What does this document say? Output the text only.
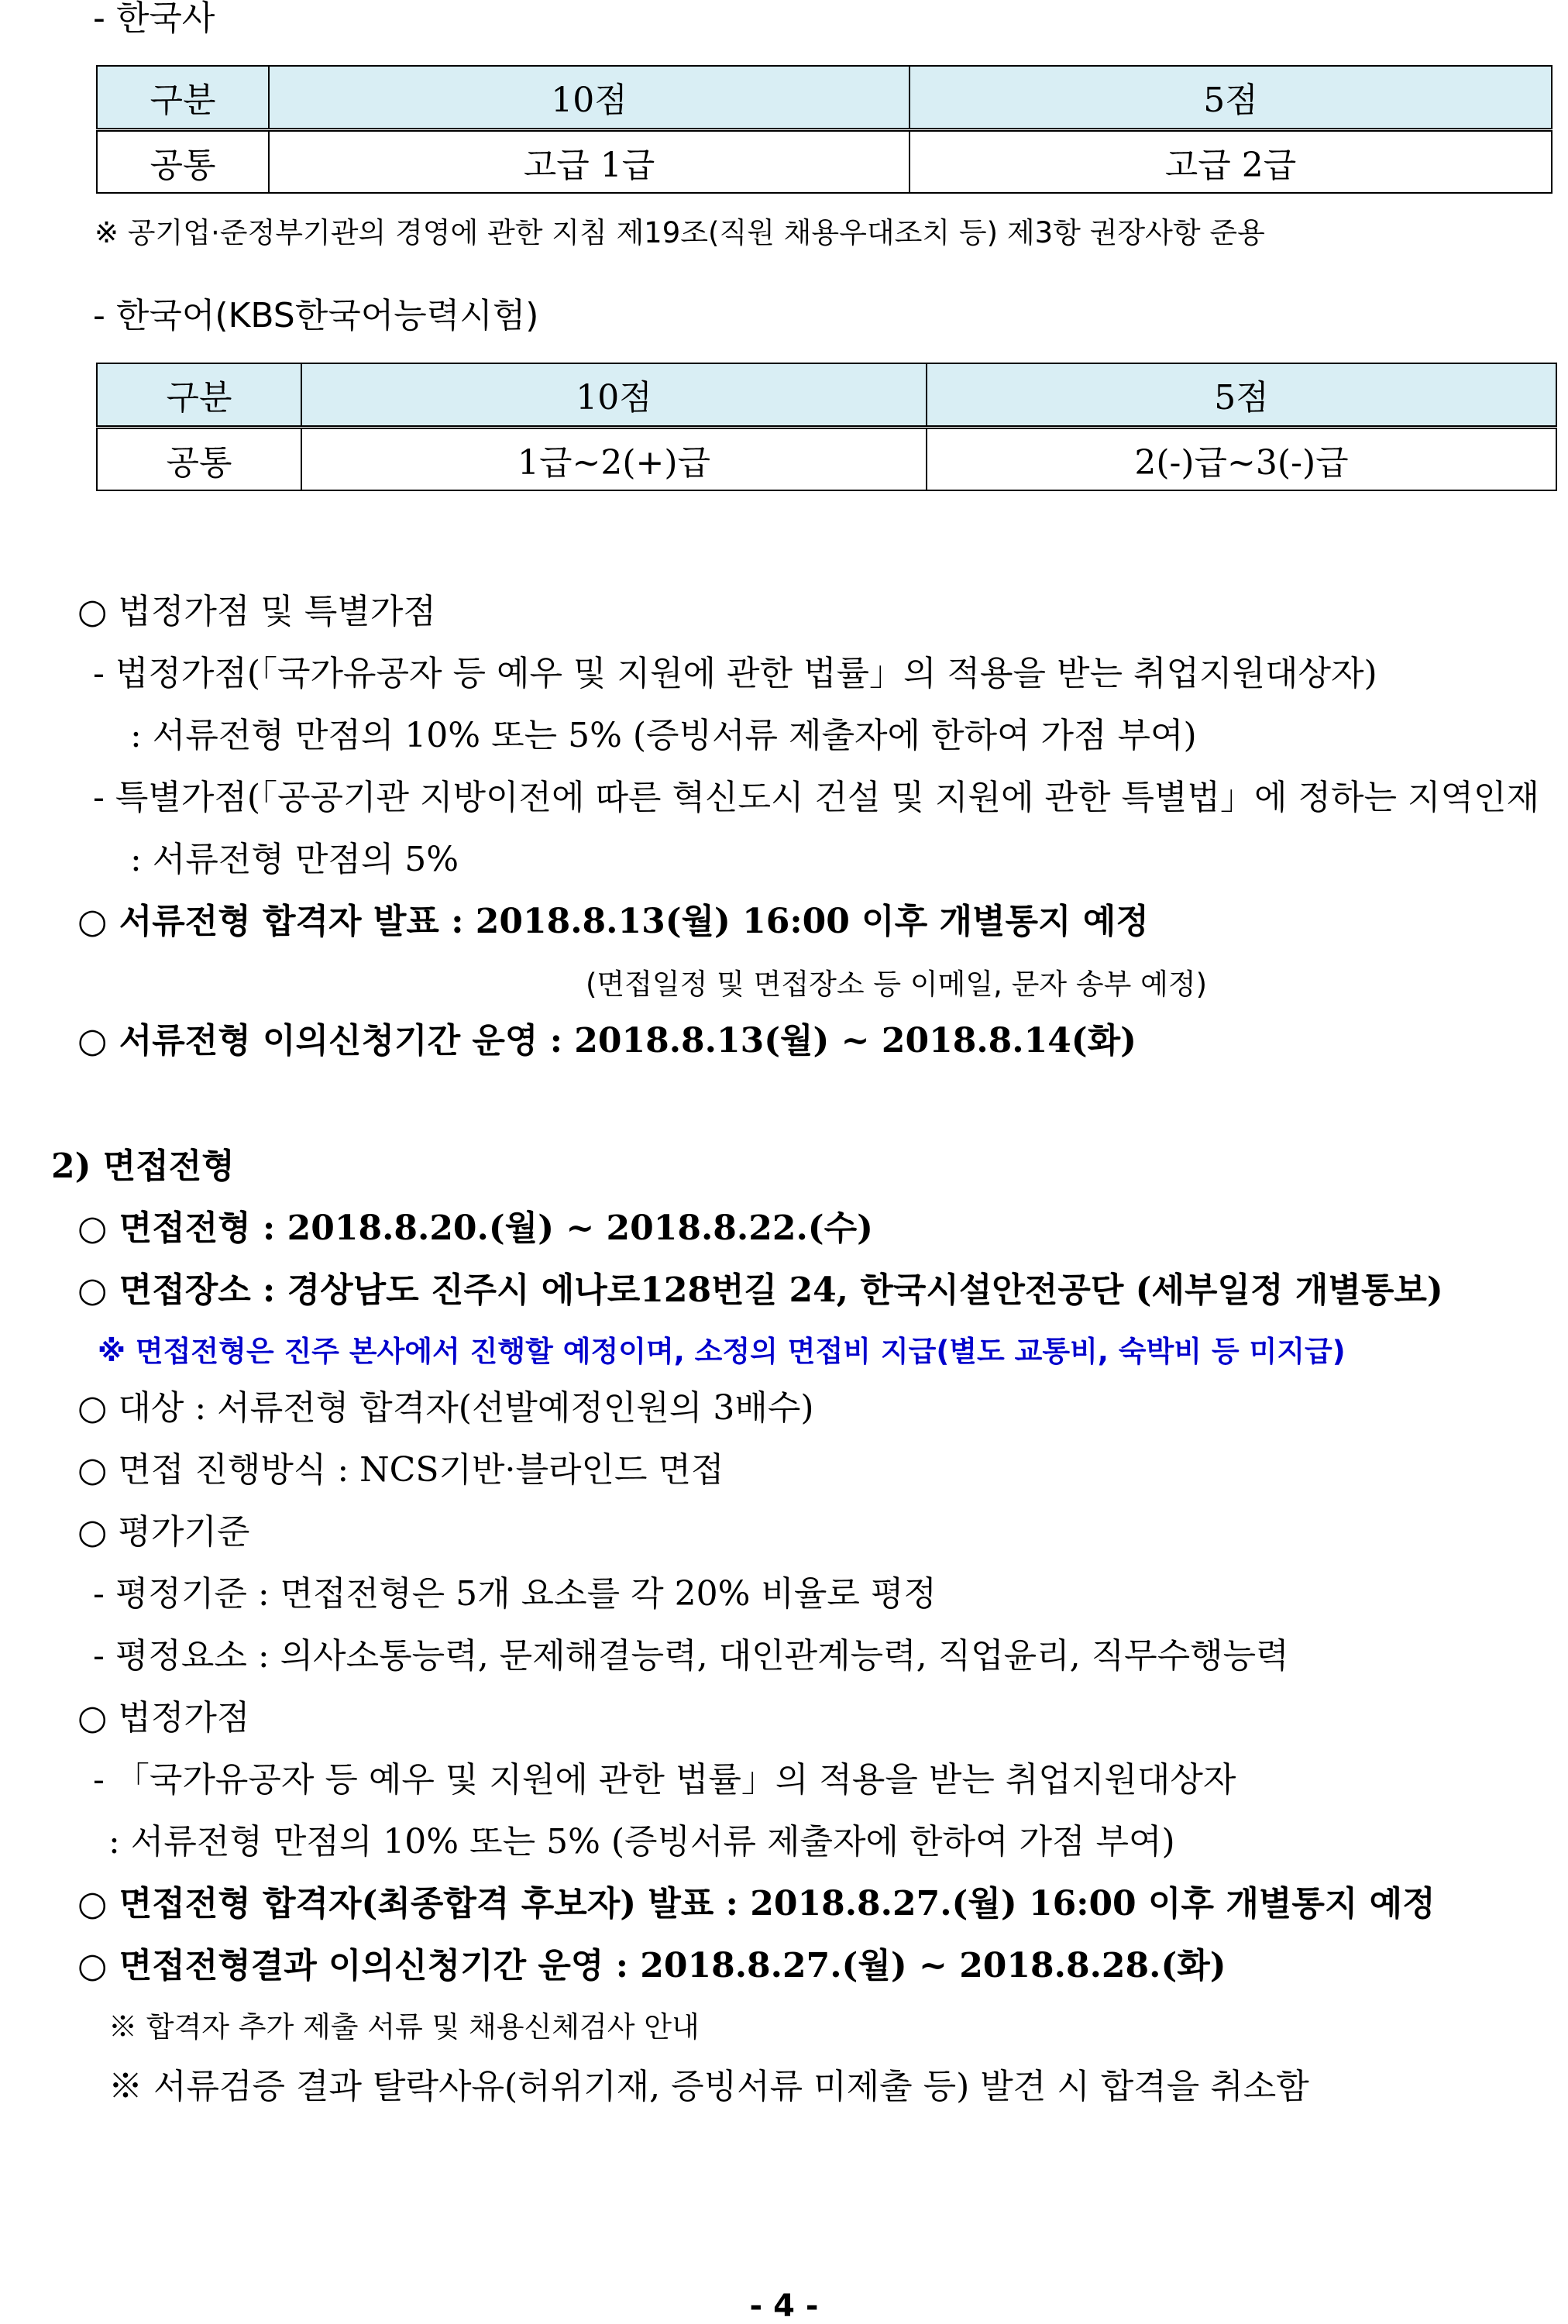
- 한국사
구분	10점	5점
공통	고급 1급	고급 2급
※ 공기업·준정부기관의 경영에 관한 지침 제19조(직원 채용우대조치 등) 제3항 권장사항 준용
- 한국어(KBS한국어능력시험)
구분	10점	5점
공통	1급~2(+)급	2(-)급~3(-)급
○ 법정가점 및 특별가점
- 법정가점(「국가유공자 등 예우 및 지원에 관한 법률」의 적용을 받는 취업지원대상자)
: 서류전형 만점의 10% 또는 5% (증빙서류 제출자에 한하여 가점 부여)
- 특별가점(「공공기관 지방이전에 따른 혁신도시 건설 및 지원에 관한 특별법」에 정하는 지역인재
: 서류전형 만점의 5%
○ 서류전형 합격자 발표 : 2018.8.13(월) 16:00 이후 개별통지 예정
(면접일정 및 면접장소 등 이메일, 문자 송부 예정)
○ 서류전형 이의신청기간 운영 : 2018.8.13(월) ~ 2018.8.14(화)
2) 면접전형
○ 면접전형 : 2018.8.20.(월) ~ 2018.8.22.(수)
○ 면접장소 : 경상남도 진주시 에나로128번길 24, 한국시설안전공단 (세부일정 개별통보)
※ 면접전형은 진주 본사에서 진행할 예정이며, 소정의 면접비 지급(별도 교통비, 숙박비 등 미지급)
○ 대상 : 서류전형 합격자(선발예정인원의 3배수)
○ 면접 진행방식 : NCS기반·블라인드 면접
○ 평가기준
- 평정기준 : 면접전형은 5개 요소를 각 20% 비율로 평정
- 평정요소 : 의사소통능력, 문제해결능력, 대인관계능력, 직업윤리, 직무수행능력
○ 법정가점
- 「국가유공자 등 예우 및 지원에 관한 법률」의 적용을 받는 취업지원대상자
: 서류전형 만점의 10% 또는 5% (증빙서류 제출자에 한하여 가점 부여)
○ 면접전형 합격자(최종합격 후보자) 발표 : 2018.8.27.(월) 16:00 이후 개별통지 예정
○ 면접전형결과 이의신청기간 운영 : 2018.8.27.(월) ~ 2018.8.28.(화)
※ 합격자 추가 제출 서류 및 채용신체검사 안내
※ 서류검증 결과 탈락사유(허위기재, 증빙서류 미제출 등) 발견 시 합격을 취소함
- 4 -
